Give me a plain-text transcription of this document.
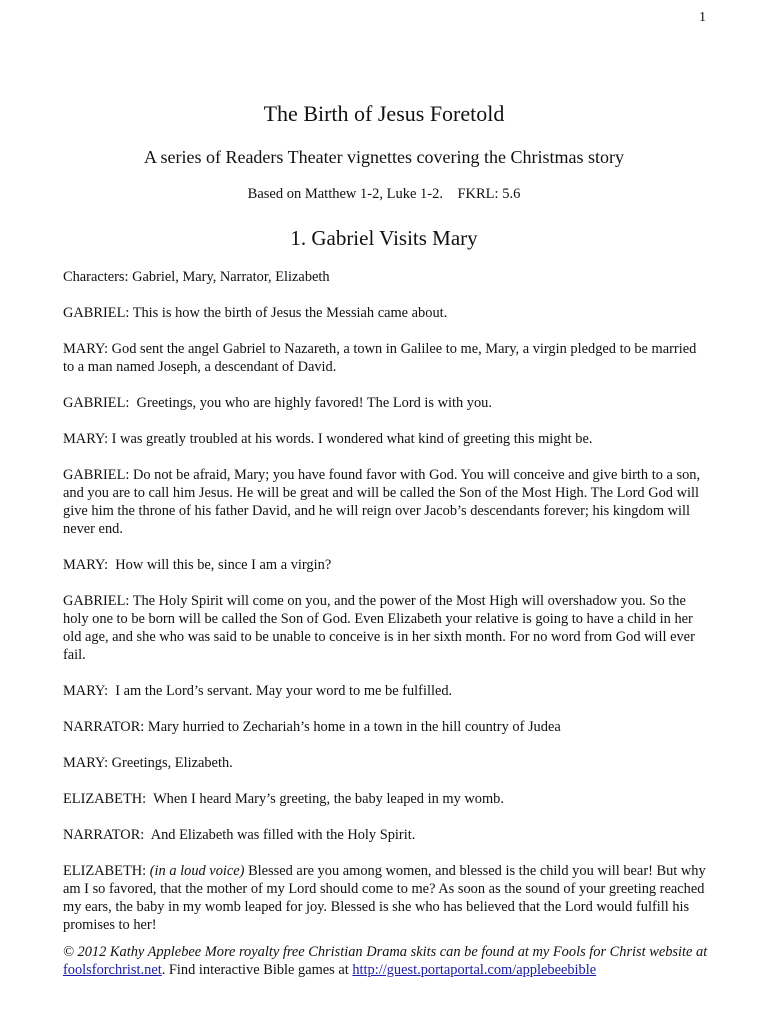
1
The Birth of Jesus Foretold
A series of Readers Theater vignettes covering the Christmas story
Based on Matthew 1-2, Luke 1-2.    FKRL: 5.6
1. Gabriel Visits Mary

Characters: Gabriel, Mary, Narrator, Elizabeth

GABRIEL: This is how the birth of Jesus the Messiah came about.

MARY: God sent the angel Gabriel to Nazareth, a town in Galilee to me, Mary, a virgin pledged to be married to a man named Joseph, a descendant of David.

GABRIEL:  Greetings, you who are highly favored! The Lord is with you.

MARY: I was greatly troubled at his words. I wondered what kind of greeting this might be.

GABRIEL: Do not be afraid, Mary; you have found favor with God. You will conceive and give birth to a son, and you are to call him Jesus. He will be great and will be called the Son of the Most High. The Lord God will give him the throne of his father David, and he will reign over Jacob’s descendants forever; his kingdom will never end.

MARY:  How will this be, since I am a virgin?

GABRIEL: The Holy Spirit will come on you, and the power of the Most High will overshadow you. So the holy one to be born will be called the Son of God. Even Elizabeth your relative is going to have a child in her old age, and she who was said to be unable to conceive is in her sixth month. For no word from God will ever fail.

MARY:  I am the Lord’s servant. May your word to me be fulfilled.

NARRATOR: Mary hurried to Zechariah’s home in a town in the hill country of Judea

MARY: Greetings, Elizabeth.

ELIZABETH:  When I heard Mary’s greeting, the baby leaped in my womb.

NARRATOR:  And Elizabeth was filled with the Holy Spirit.

ELIZABETH: (in a loud voice) Blessed are you among women, and blessed is the child you will bear! But why am I so favored, that the mother of my Lord should come to me? As soon as the sound of your greeting reached my ears, the baby in my womb leaped for joy. Blessed is she who has believed that the Lord would fulfill his promises to her!

© 2012 Kathy Applebee More royalty free Christian Drama skits can be found at my Fools for Christ website at foolsforchrist.net. Find interactive Bible games at http://guest.portaportal.com/applebeebible
